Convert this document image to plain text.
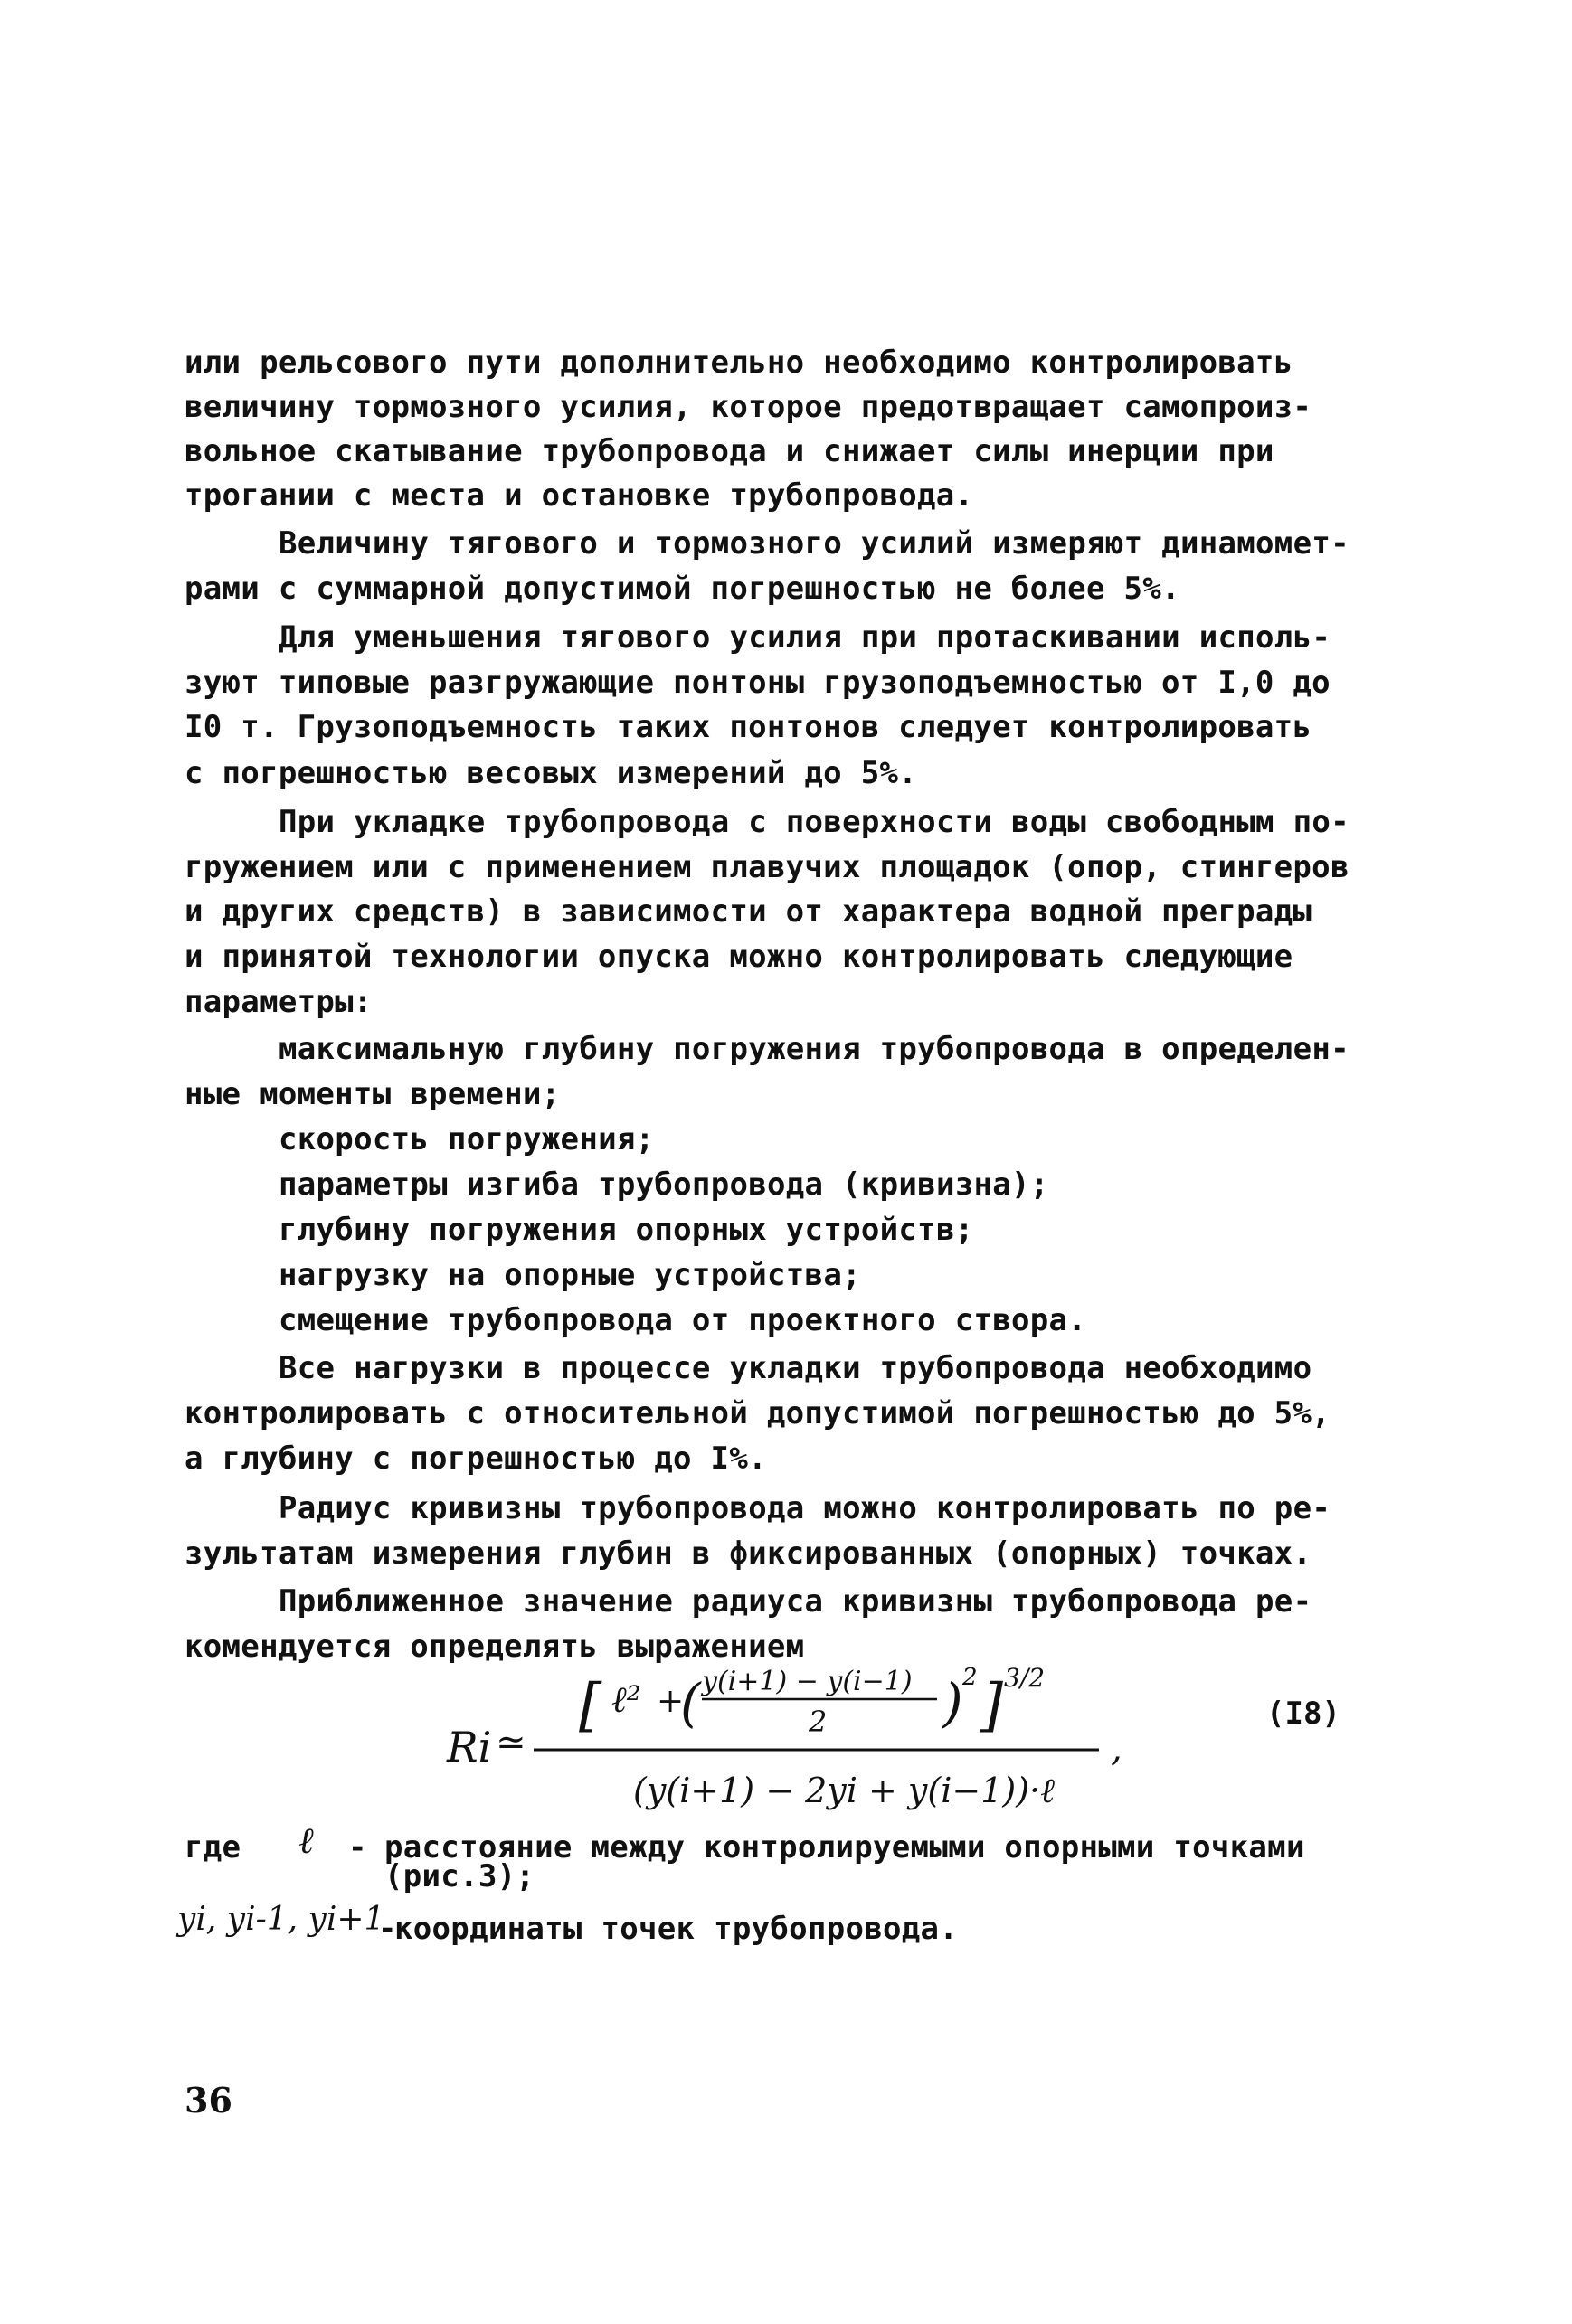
или рельсового пути дополнительно необходимо контролировать
величину тормозного усилия, которое предотвращает самопроиз-
вольное скатывание трубопровода и снижает силы инерции при
трогании с места и остановке трубопровода.
Величину тягового и тормозного усилий измеряют динамомет-
рами с суммарной допустимой погрешностью не более 5%.
Для уменьшения тягового усилия при протаскивании исполь-
зуют типовые разгружающие понтоны грузоподъемностью от I,0 до
I0 т. Грузоподъемность таких понтонов следует контролировать
с погрешностью весовых измерений до 5%.
При укладке трубопровода с поверхности воды свободным по-
гружением или с применением плавучих площадок (опор, стингеров
и других средств) в зависимости от характера водной преграды
и принятой технологии опуска можно контролировать следующие
параметры:
максимальную глубину погружения трубопровода в определен-
ные моменты времени;
скорость погружения;
параметры изгиба трубопровода (кривизна);
глубину погружения опорных устройств;
нагрузку на опорные устройства;
смещение трубопровода от проектного створа.
Все нагрузки в процессе укладки трубопровода необходимо
контролировать с относительной допустимой погрешностью до 5%,
а глубину с погрешностью до I%.
Радиус кривизны трубопровода можно контролировать по ре-
зультатам измерения глубин в фиксированных (опорных) точках.
Приближенное значение радиуса кривизны трубопровода ре-
комендуется определять выражением
Ri ≃
[ ℓ² +
( y(i+1) − y(i−1)
2 ) 2 ] 3/2
(y(i+1) − 2yi + y(i−1))·ℓ
,
(I8)
где ℓ - расстояние между контролируемыми опорными точками
(рис.3);
yi, yi-1, yi+1
-
координаты точек трубопровода.
36
